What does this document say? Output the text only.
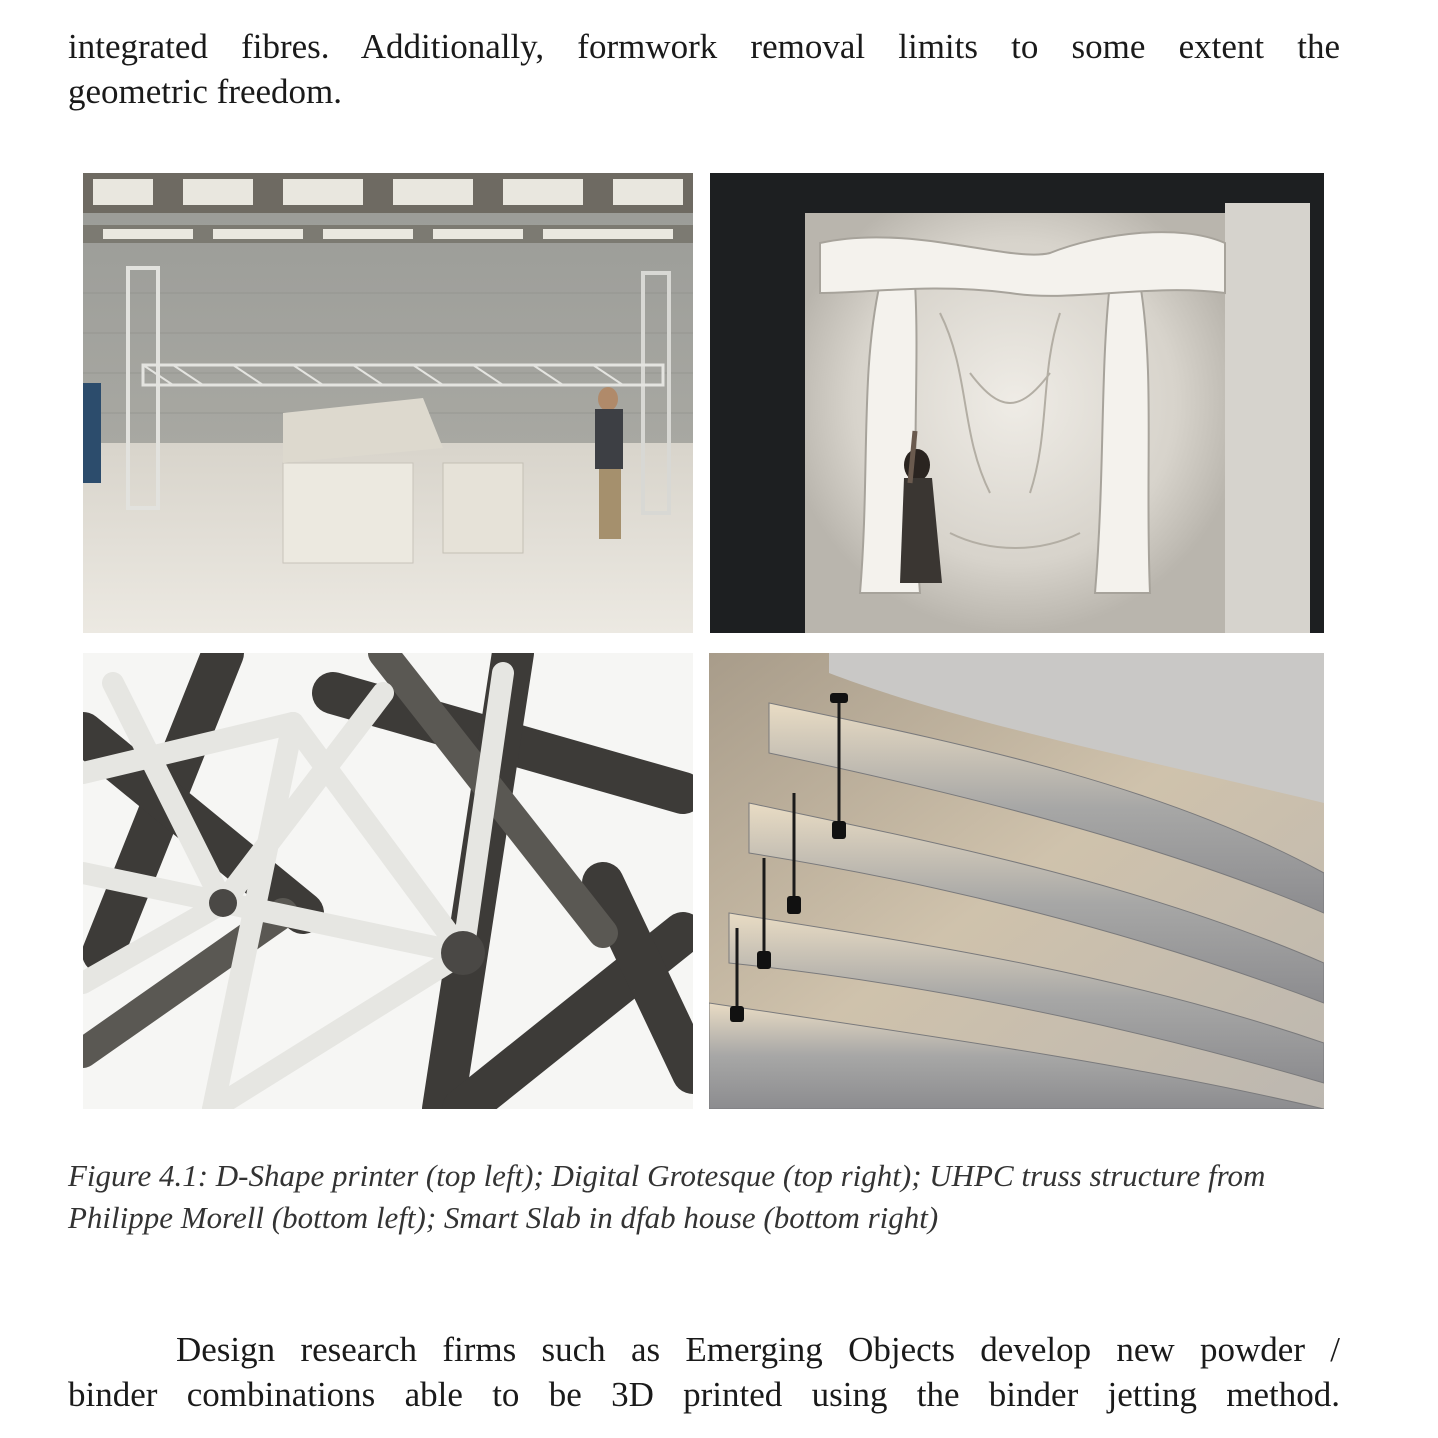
integrated fibres. Additionally, formwork removal limits to some extent the
geometric freedom.

Figure 4.1: D-Shape printer (top left); Digital Grotesque (top right); UHPC truss structure from
Philippe Morell (bottom left); Smart Slab in dfab house (bottom right)

Design research firms such as Emerging Objects develop new powder /
binder combinations able to be 3D printed using the binder jetting method.
